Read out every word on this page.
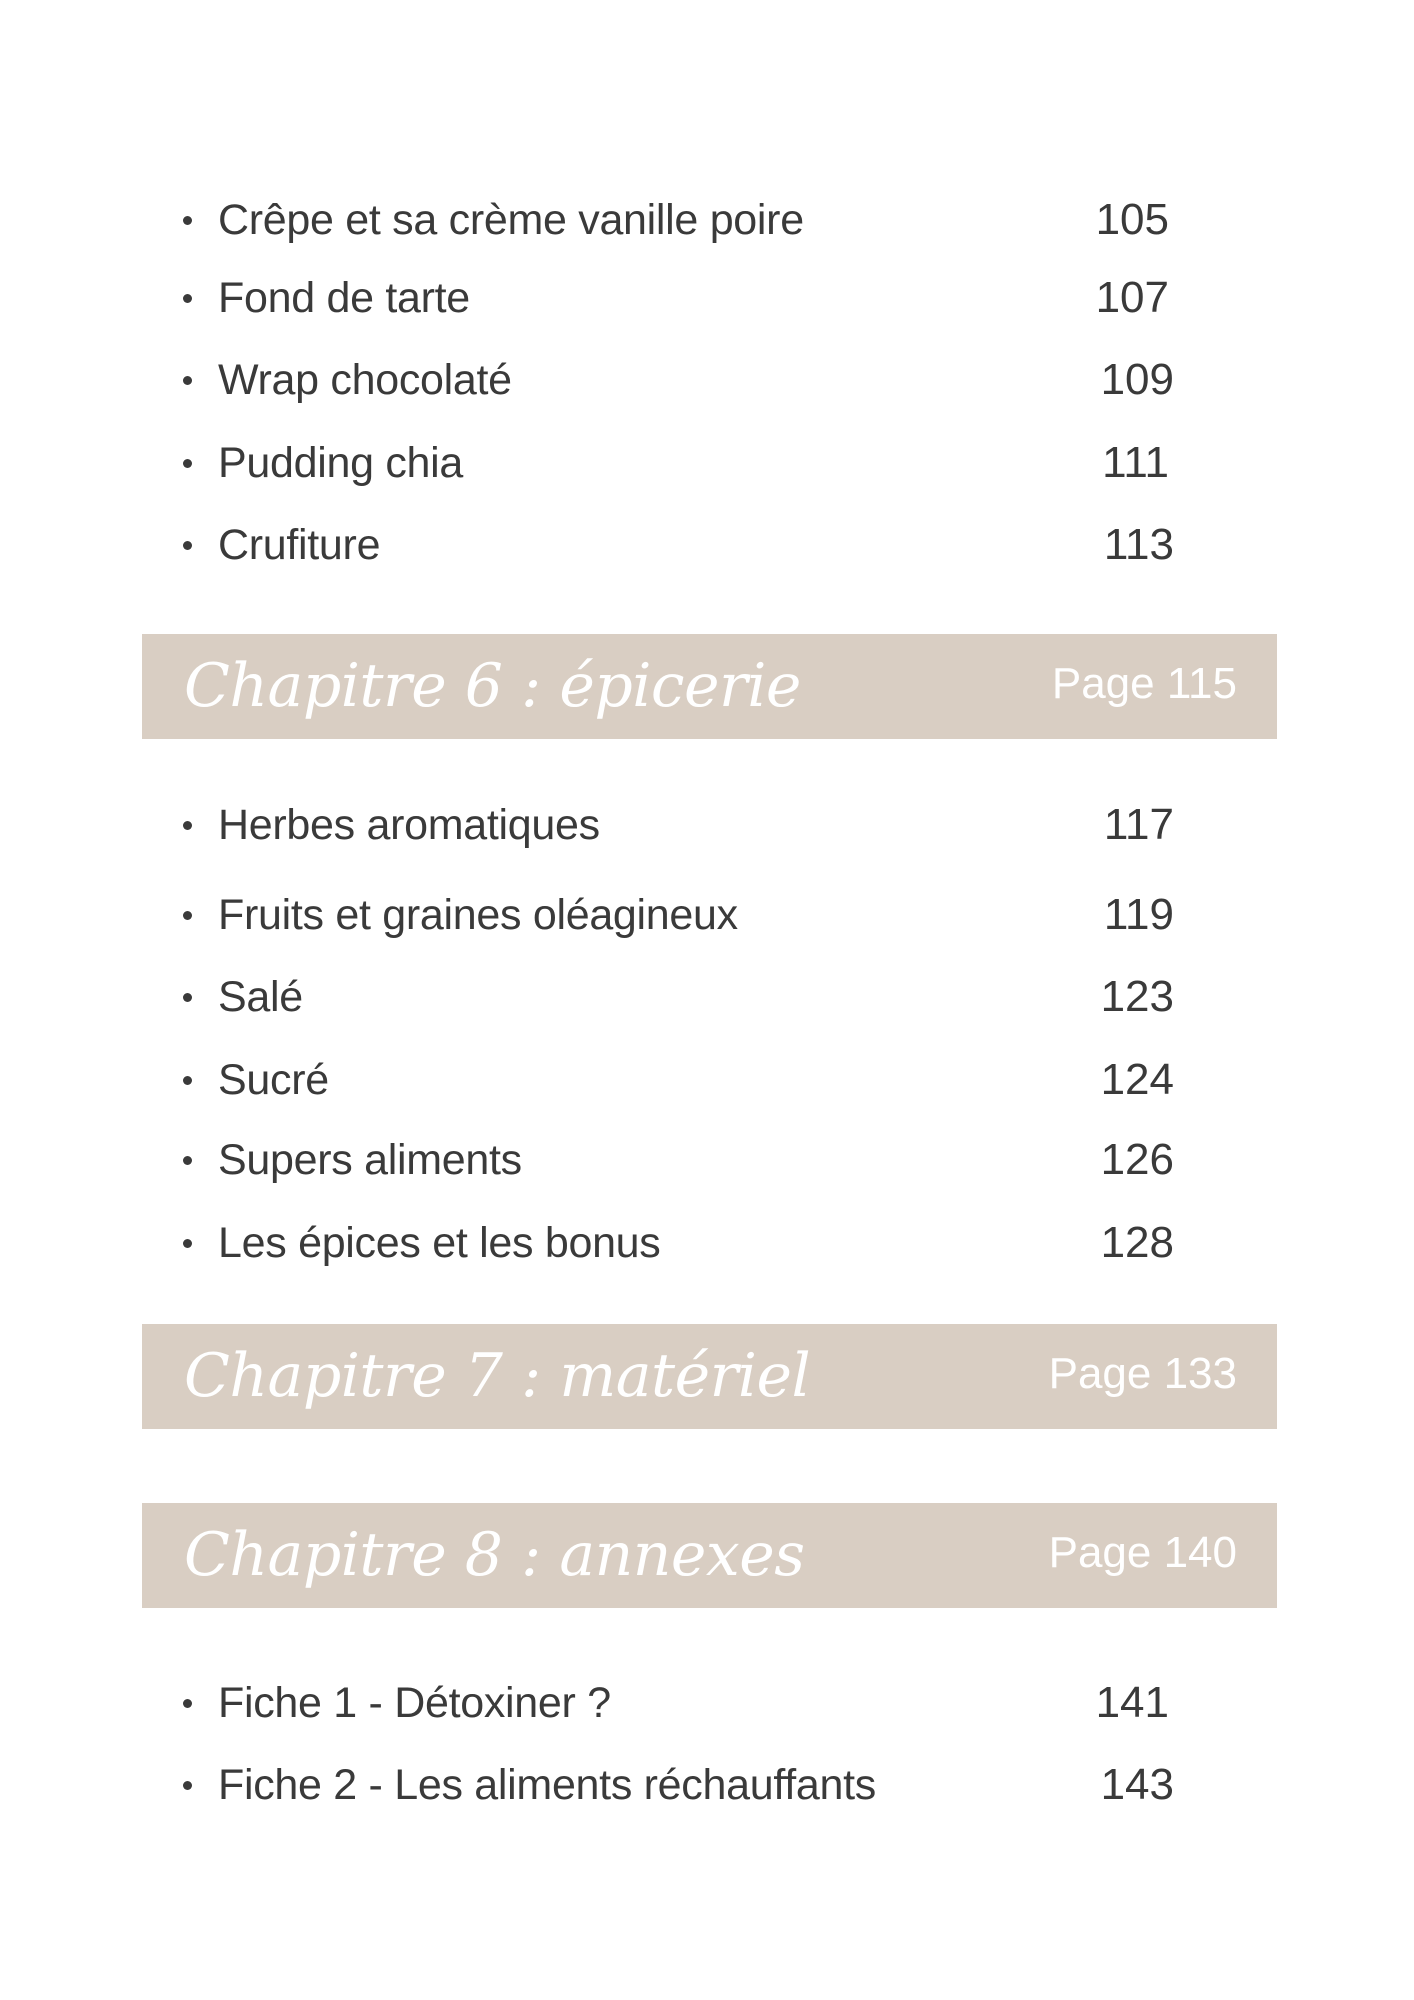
Crêpe et sa crème vanille poire	105
Fond de tarte	107
Wrap chocolaté	109
Pudding chia	111
Crufiture	113
Chapitre 6 : épicerie	Page 115
Herbes aromatiques	117
Fruits et graines oléagineux	119
Salé	123
Sucré	124
Supers aliments	126
Les épices et les bonus	128
Chapitre 7 : matériel	Page 133
Chapitre 8 : annexes	Page 140
Fiche 1 - Détoxiner ?	141
Fiche 2 - Les aliments réchauffants	143
